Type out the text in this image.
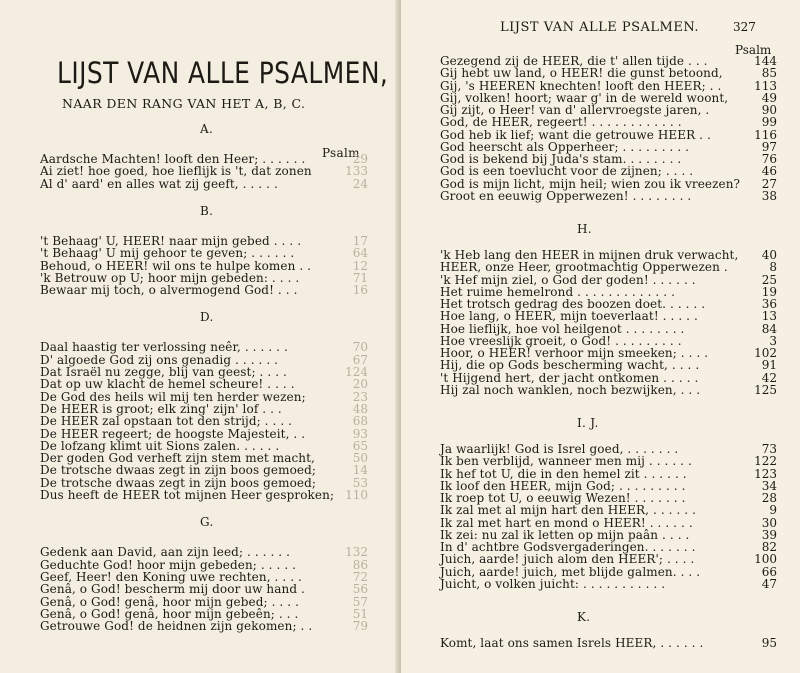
LIJST VAN ALLE PSALMEN,
NAAR DEN RANG VAN HET A, B, C.
Psalm
A.
Aardsche Machten! looft den Heer; . . . . . .	29
Ai ziet! hoe goed, hoe lieflijk is 't, dat zonen	133
Al d' aard' en alles wat zij geeft, . . . . .	24
B.
't Behaag' U, HEER! naar mijn gebed . . . .	17
't Behaag' U mij gehoor te geven; . . . . . .	64
Behoud, o HEER! wil ons te hulpe komen . .	12
'k Betrouw op U; hoor mijn gebeden: . . . .	71
Bewaar mij toch, o alvermogend God! . . .	16
D.
Daal haastig ter verlossing neêr, . . . . . .	70
D' algoede God zij ons genadig . . . . . .	67
Dat Israël nu zegge, blij van geest; . . . .	124
Dat op uw klacht de hemel scheure! . . . .	20
De God des heils wil mij ten herder wezen;	23
De HEER is groot; elk zing' zijn' lof . . .	48
De HEER zal opstaan tot den strijd; . . . .	68
De HEER regeert; de hoogste Majesteit, . .	93
De lofzang klimt uit Sions zalen. . . . . .	65
Der goden God verheft zijn stem met macht,	50
De trotsche dwaas zegt in zijn boos gemoed;	14
De trotsche dwaas zegt in zijn boos gemoed;	53
Dus heeft de HEER tot mijnen Heer gesproken; 110
G.
Gedenk aan David, aan zijn leed; . . . . . .	132
Geduchte God! hoor mijn gebeden; . . . . .	86
Geef, Heer! den Koning uwe rechten, . . . .	72
Genâ, o God! bescherm mij door uw hand .	56
Genâ, o God! genâ, hoor mijn gebed; . . . .	57
Genâ, o God! genâ, hoor mijn gebeên; . . .	51
Getrouwe God! de heidnen zijn gekomen; . .	79
Gezegend zij de HEER, die t' allen tijde . . .	144
Gij hebt uw land, o HEER! die gunst betoond,	85
Gij, 's HEEREN knechten! looft den HEER; . .	113
Gij, volken! hoort; waar g' in de wereld woont,	49
Gij zijt, o Heer! van d' allervroegste jaren, .	90
God, de HEER, regeert! . . . . . . . . . . . .	99
God heb ik lief; want die getrouwe HEER . .	116
God heerscht als Opperheer; . . . . . . . . .	97
God is bekend bij Juda's stam. . . . . . . .	76
God is een toevlucht voor de zijnen; . . . .	46
God is mijn licht, mijn heil; wien zou ik vreezen?	27
Groot en eeuwig Opperwezen! . . . . . . . .	38
H.
'k Heb lang den HEER in mijnen druk verwacht,	40
HEER, onze Heer, grootmachtig Opperwezen .	8
'k Hef mijn ziel, o God der goden! . . . . . .	25
Het ruime hemelrond . . . . . . . . . . . . .	19
Het trotsch gedrag des boozen doet. . . . . .	36
Hoe lang, o HEER, mijn toeverlaat! . . . . .	13
Hoe lieflijk, hoe vol heilgenot . . . . . . . .	84
Hoe vreeslijk groeit, o God! . . . . . . . . .	3
Hoor, o HEER! verhoor mijn smeeken; . . . .	102
Hij, die op Gods bescherming wacht, . . . .	91
't Hijgend hert, der jacht ontkomen . . . . .	42
Hij zal noch wanklen, noch bezwijken, . . .	125
I. J.
Ja waarlijk! God is Isrel goed, . . . . . . .	73
Ik ben verblijd, wanneer men mij . . . . . .	122
Ik hef tot U, die in den hemel zit . . . . . .	123
Ik loof den HEER, mijn God; . . . . . . . . .	34
Ik roep tot U, o eeuwig Wezen! . . . . . . .	28
Ik zal met al mijn hart den HEER, . . . . . .	9
Ik zal met hart en mond o HEER! . . . . . .	30
Ik zei: nu zal ik letten op mijn paân . . . .	39
In d' achtbre Godsvergaderingen. . . . . . .	82
Juich, aarde! juich alom den HEER'; . . . .	100
Juich, aarde! juich, met blijde galmen. . . .	66
Juicht, o volken juicht: . . . . . . . . . . .	47
K.
Komt, laat ons samen Isrels HEER, . . . . . .	95
LIJST VAN ALLE PSALMEN.	327
Psalm
